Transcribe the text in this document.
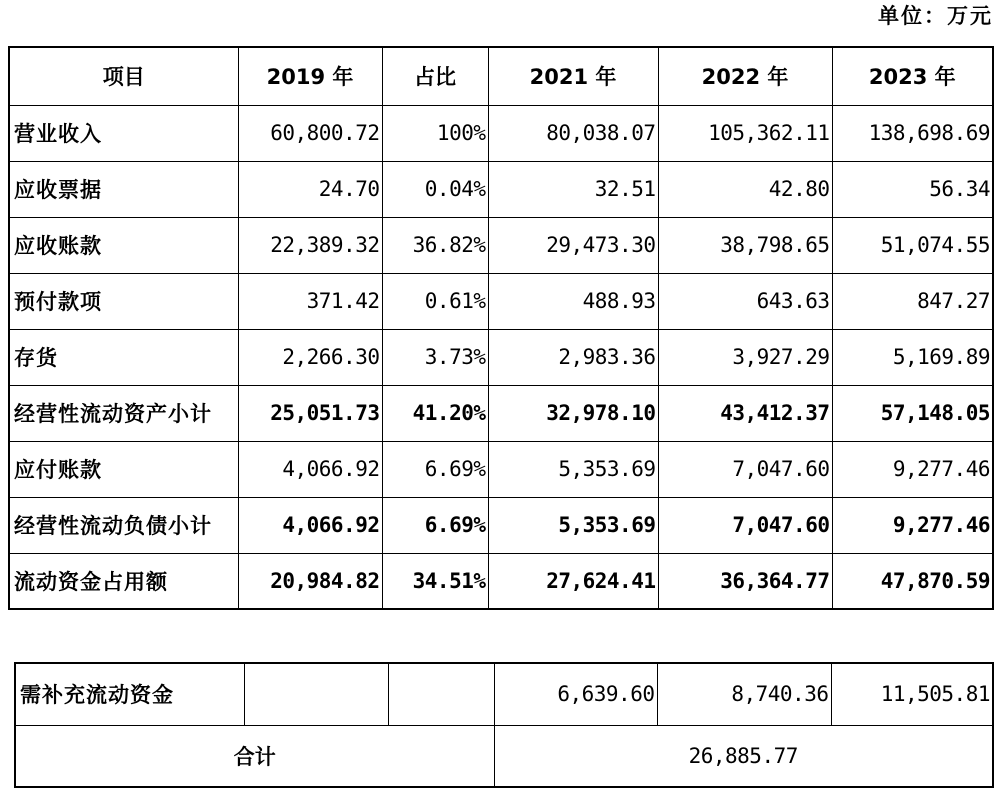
单位：万元
项目	2019 年	占比	2021 年	2022 年	2023 年
营业收入	60,800.72	100%	80,038.07	105,362.11	138,698.69
应收票据	24.70	0.04%	32.51	42.80	56.34
应收账款	22,389.32	36.82%	29,473.30	38,798.65	51,074.55
预付款项	371.42	0.61%	488.93	643.63	847.27
存货	2,266.30	3.73%	2,983.36	3,927.29	5,169.89
经营性流动资产小计	25,051.73	41.20%	32,978.10	43,412.37	57,148.05
应付账款	4,066.92	6.69%	5,353.69	7,047.60	9,277.46
经营性流动负债小计	4,066.92	6.69%	5,353.69	7,047.60	9,277.46
流动资金占用额	20,984.82	34.51%	27,624.41	36,364.77	47,870.59
需补充流动资金			6,639.60	8,740.36	11,505.81
合计			26,885.77		
